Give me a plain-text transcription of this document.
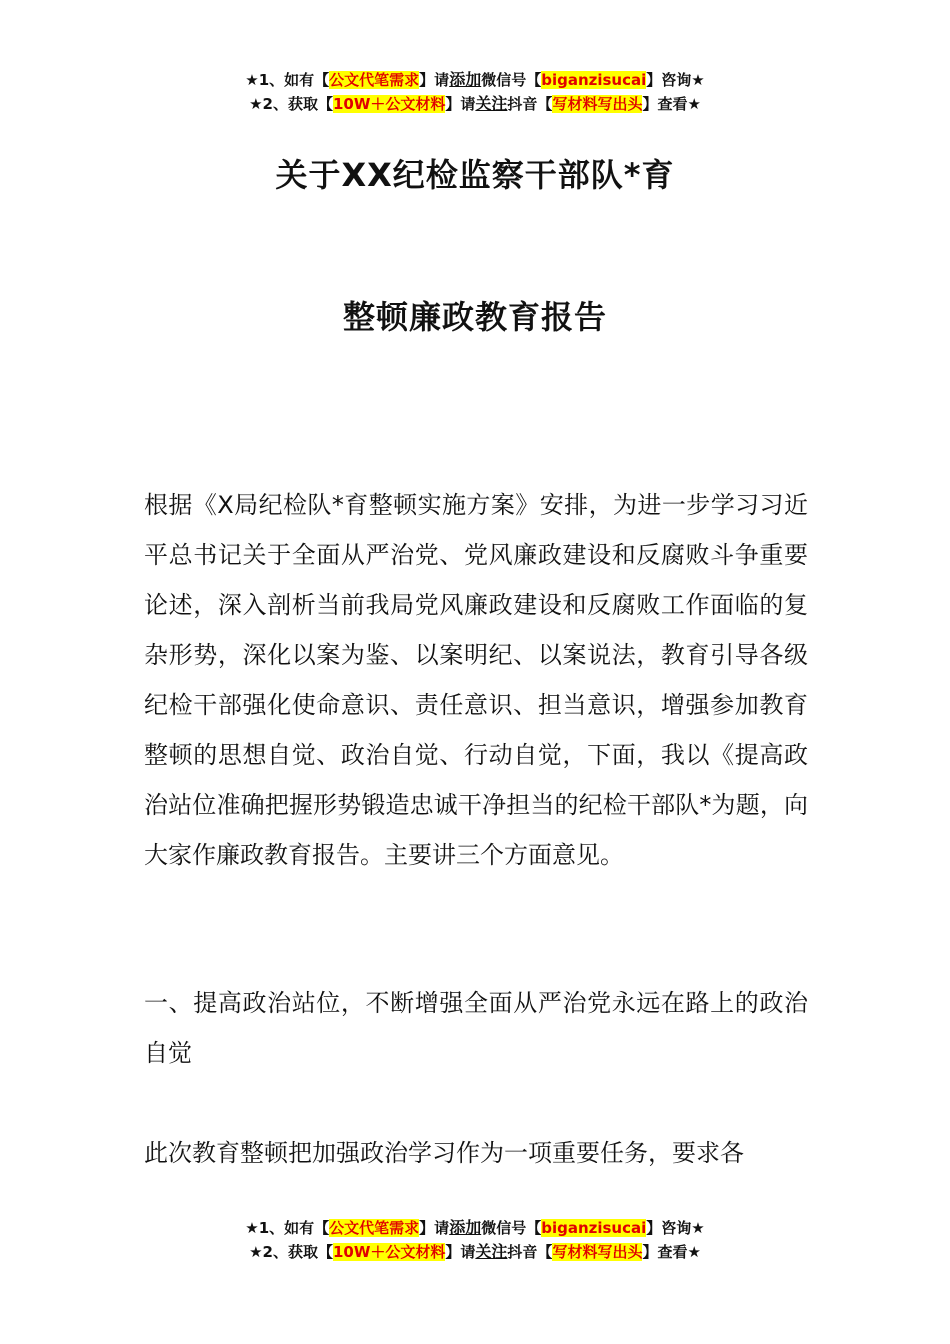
★1、如有【公文代笔需求】请添加微信号【biganzisucai】咨询★
★2、获取【10W＋公文材料】请关注抖音【写材料写出头】查看★
关于XX纪检监察干部队*育
整顿廉政教育报告
根据《X局纪检队*育整顿实施方案》安排，为进一步学习习近平总书记关于全面从严治党、党风廉政建设和反腐败斗争重要论述，深入剖析当前我局党风廉政建设和反腐败工作面临的复杂形势，深化以案为鉴、以案明纪、以案说法，教育引导各级纪检干部强化使命意识、责任意识、担当意识，增强参加教育整顿的思想自觉、政治自觉、行动自觉，下面，我以《提高政治站位准确把握形势锻造忠诚干净担当的纪检干部队*为题，向大家作廉政教育报告。主要讲三个方面意见。
一、提高政治站位，不断增强全面从严治党永远在路上的政治自觉
此次教育整顿把加强政治学习作为一项重要任务，要求各
★1、如有【公文代笔需求】请添加微信号【biganzisucai】咨询★
★2、获取【10W＋公文材料】请关注抖音【写材料写出头】查看★
